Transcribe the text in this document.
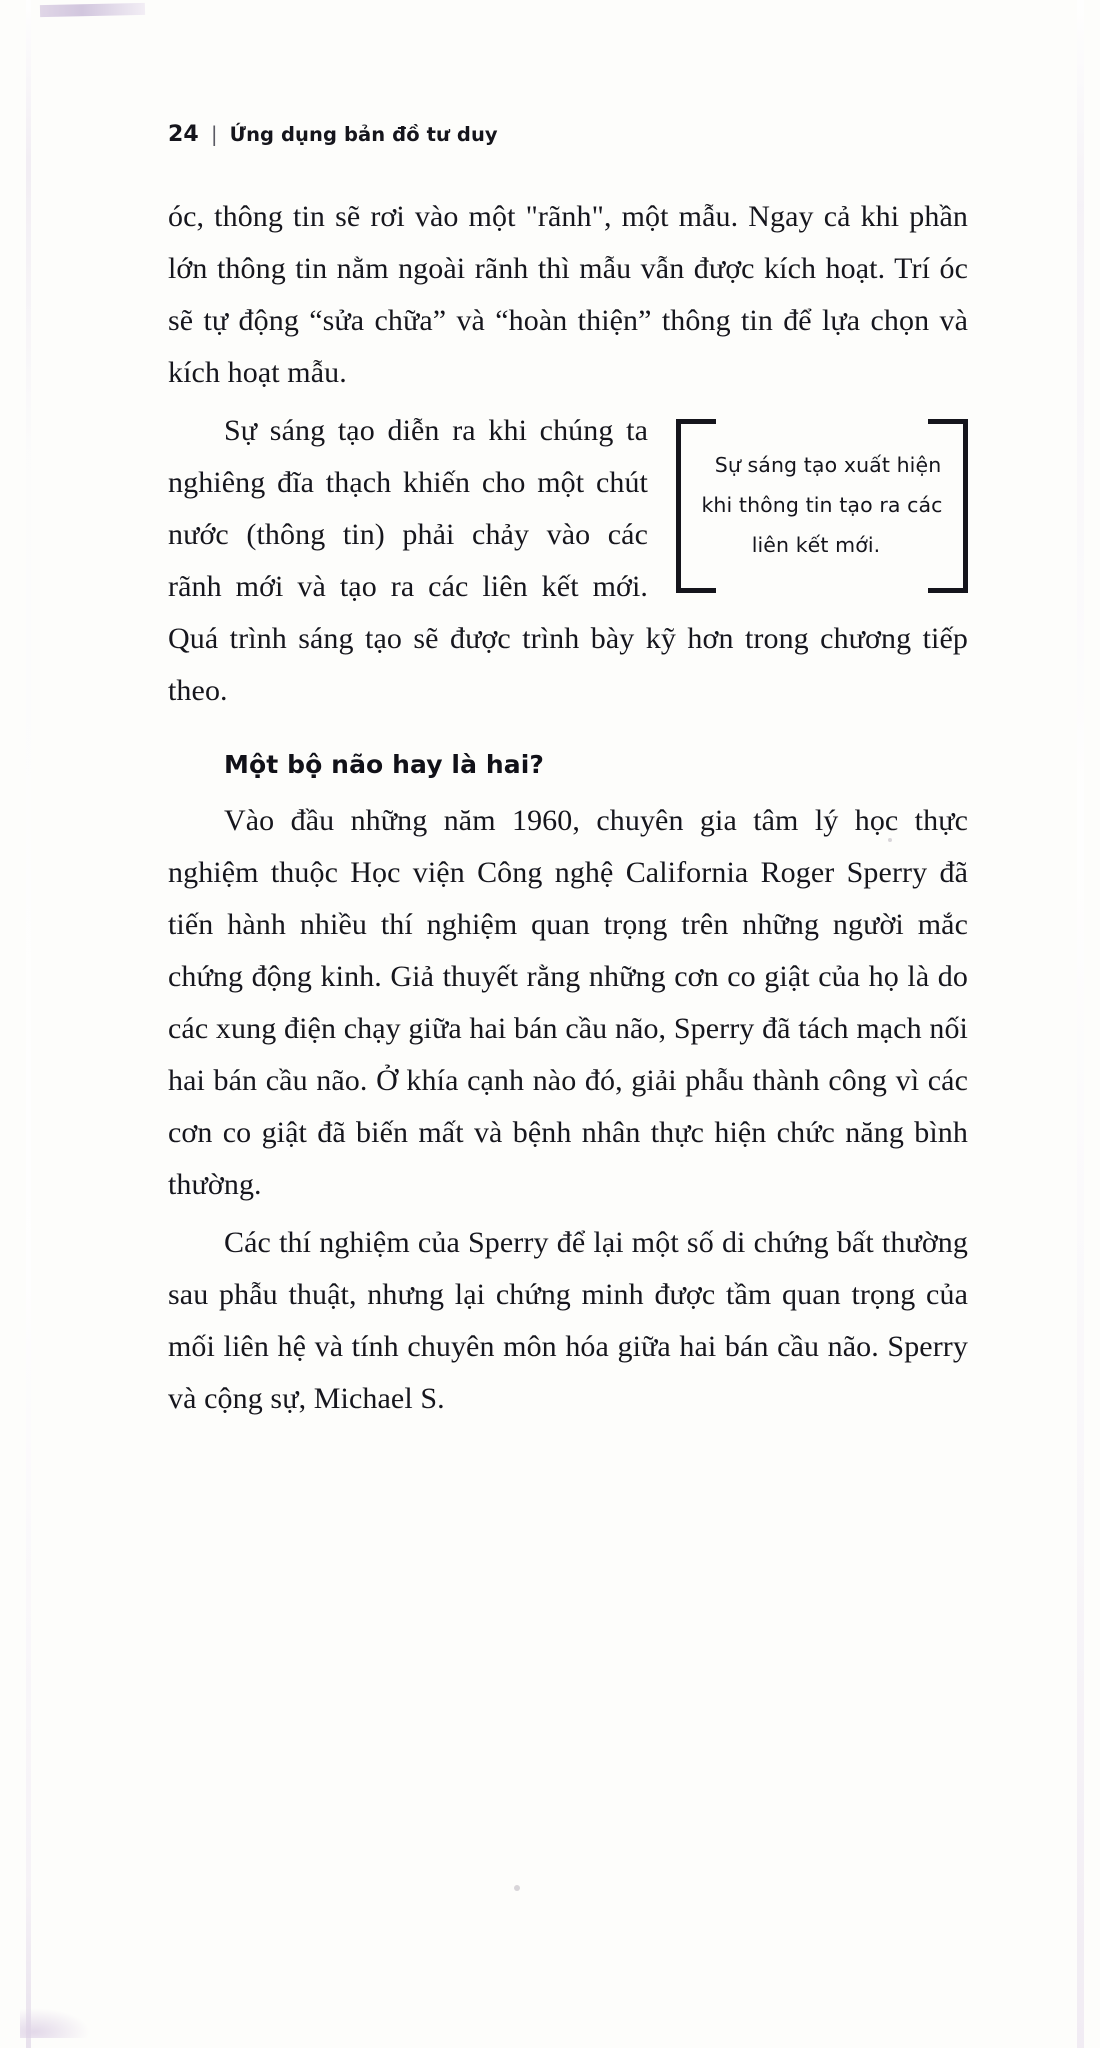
24 | Ứng dụng bản đồ tư duy

óc, thông tin sẽ rơi vào một "rãnh", một mẫu. Ngay cả khi phần lớn thông tin nằm ngoài rãnh thì mẫu vẫn được kích hoạt. Trí óc sẽ tự động “sửa chữa” và “hoàn thiện” thông tin để lựa chọn và kích hoạt mẫu.

Sự sáng tạo xuất hiện khi thông tin tạo ra các liên kết mới.

Sự sáng tạo diễn ra khi chúng ta nghiêng đĩa thạch khiến cho một chút nước (thông tin) phải chảy vào các rãnh mới và tạo ra các liên kết mới. Quá trình sáng tạo sẽ được trình bày kỹ hơn trong chương tiếp theo.

Một bộ não hay là hai?

Vào đầu những năm 1960, chuyên gia tâm lý học thực nghiệm thuộc Học viện Công nghệ California Roger Sperry đã tiến hành nhiều thí nghiệm quan trọng trên những người mắc chứng động kinh. Giả thuyết rằng những cơn co giật của họ là do các xung điện chạy giữa hai bán cầu não, Sperry đã tách mạch nối hai bán cầu não. Ở khía cạnh nào đó, giải phẫu thành công vì các cơn co giật đã biến mất và bệnh nhân thực hiện chức năng bình thường.

Các thí nghiệm của Sperry để lại một số di chứng bất thường sau phẫu thuật, nhưng lại chứng minh được tầm quan trọng của mối liên hệ và tính chuyên môn hóa giữa hai bán cầu não. Sperry và cộng sự, Michael S.
